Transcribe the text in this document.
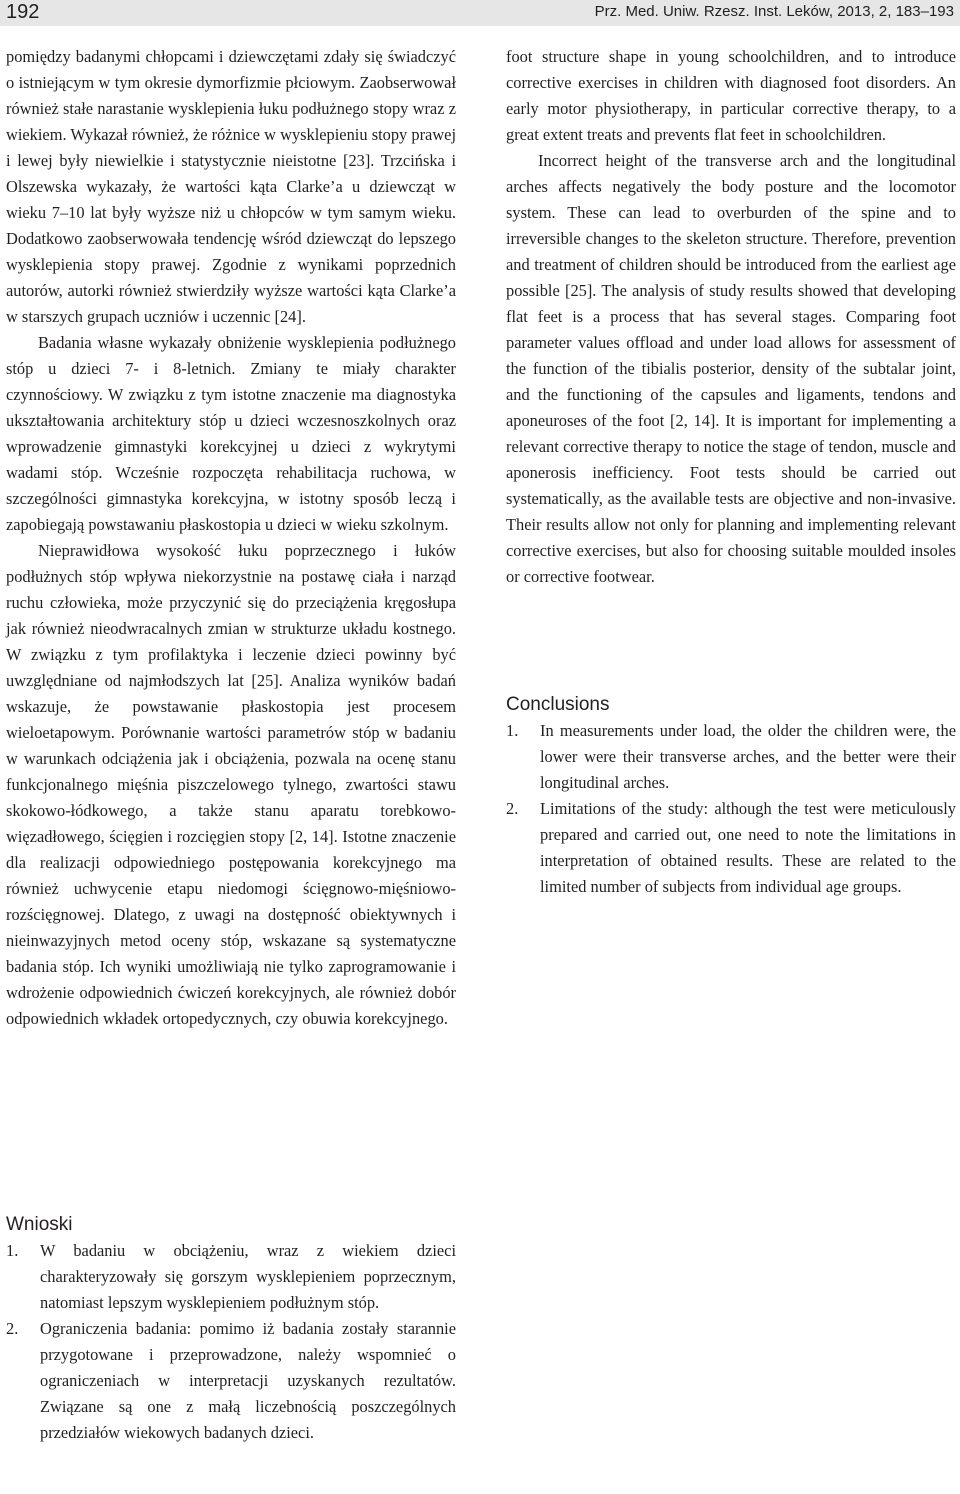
192	Prz. Med. Uniw. Rzesz. Inst. Leków, 2013, 2, 183–193

pomiędzy badanymi chłopcami i dziewczętami zdały się świadczyć o istniejącym w tym okresie dymorfizmie płciowym. Zaobserwował również stałe narastanie wysklepienia łuku podłużnego stopy wraz z wiekiem. Wykazał również, że różnice w wysklepieniu stopy prawej i lewej były niewielkie i statystycznie nieistotne [23]. Trzcińska i Olszewska wykazały, że wartości kąta Clarke’a u dziewcząt w wieku 7–10 lat były wyższe niż u chłopców w tym samym wieku. Dodatkowo zaobserwowała tendencję wśród dziewcząt do lepszego wysklepienia stopy prawej. Zgodnie z wynikami poprzednich autorów, autorki również stwierdziły wyższe wartości kąta Clarke’a w starszych grupach uczniów i uczennic [24].

Badania własne wykazały obniżenie wysklepienia podłużnego stóp u dzieci 7- i 8-letnich. Zmiany te miały charakter czynnościowy. W związku z tym istotne znaczenie ma diagnostyka ukształtowania architektury stóp u dzieci wczesnoszkolnych oraz wprowadzenie gimnastyki korekcyjnej u dzieci z wykrytymi wadami stóp. Wcześnie rozpoczęta rehabilitacja ruchowa, w szczególności gimnastyka korekcyjna, w istotny sposób leczą i zapobiegają powstawaniu płaskostopia u dzieci w wieku szkolnym.

Nieprawidłowa wysokość łuku poprzecznego i łuków podłużnych stóp wpływa niekorzystnie na postawę ciała i narząd ruchu człowieka, może przyczynić się do przeciążenia kręgosłupa jak również nieodwracalnych zmian w strukturze układu kostnego. W związku z tym profilaktyka i leczenie dzieci powinny być uwzględniane od najmłodszych lat [25]. Analiza wyników badań wskazuje, że powstawanie płaskostopia jest procesem wieloetapowym. Porównanie wartości parametrów stóp w badaniu w warunkach odciążenia jak i obciążenia, pozwala na ocenę stanu funkcjonalnego mięśnia piszczelowego tylnego, zwartości stawu skokowo-łódkowego, a także stanu aparatu torebkowo-więzadłowego, ścięgien i rozcięgien stopy [2, 14]. Istotne znaczenie dla realizacji odpowiedniego postępowania korekcyjnego ma również uchwycenie etapu niedomogi ścięgnowo-mięśniowo-rozścięgnowej. Dlatego, z uwagi na dostępność obiektywnych i nieinwazyjnych metod oceny stóp, wskazane są systematyczne badania stóp. Ich wyniki umożliwiają nie tylko zaprogramowanie i wdrożenie odpowiednich ćwiczeń korekcyjnych, ale również dobór odpowiednich wkładek ortopedycznych, czy obuwia korekcyjnego.

Wnioski
1.	W badaniu w obciążeniu, wraz z wiekiem dzieci charakteryzowały się gorszym wysklepieniem poprzecznym, natomiast lepszym wysklepieniem podłużnym stóp.
2.	Ograniczenia badania: pomimo iż badania zostały starannie przygotowane i przeprowadzone, należy wspomnieć o ograniczeniach w interpretacji uzyskanych rezultatów. Związane są one z małą liczebnością poszczególnych przedziałów wiekowych badanych dzieci.

foot structure shape in young schoolchildren, and to introduce corrective exercises in children with diagnosed foot disorders. An early motor physiotherapy, in particular corrective therapy, to a great extent treats and prevents flat feet in schoolchildren.

Incorrect height of the transverse arch and the longitudinal arches affects negatively the body posture and the locomotor system. These can lead to overburden of the spine and to irreversible changes to the skeleton structure. Therefore, prevention and treatment of children should be introduced from the earliest age possible [25]. The analysis of study results showed that developing flat feet is a process that has several stages. Comparing foot parameter values offload and under load allows for assessment of the function of the tibialis posterior, density of the subtalar joint, and the functioning of the capsules and ligaments, tendons and aponeuroses of the foot [2, 14]. It is important for implementing a relevant corrective therapy to notice the stage of tendon, muscle and aponerosis inefficiency. Foot tests should be carried out systematically, as the available tests are objective and non-invasive. Their results allow not only for planning and implementing relevant corrective exercises, but also for choosing suitable moulded insoles or corrective footwear.

Conclusions
1.	In measurements under load, the older the children were, the lower were their transverse arches, and the better were their longitudinal arches.
2.	Limitations of the study: although the test were meticulously prepared and carried out, one need to note the limitations in interpretation of obtained results. These are related to the limited number of subjects from individual age groups.
